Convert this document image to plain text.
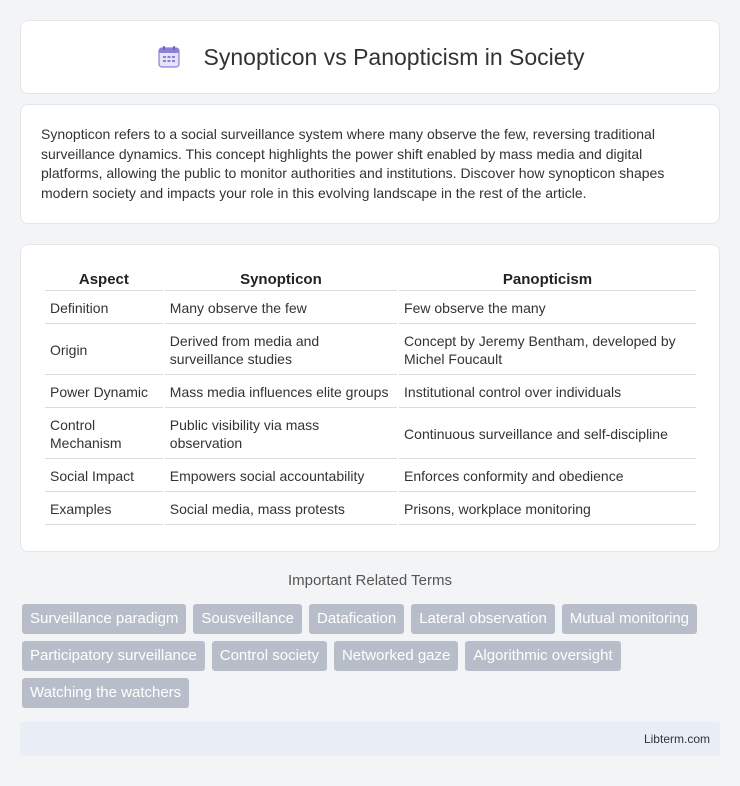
Synopticon vs Panopticism in Society

Synopticon refers to a social surveillance system where many observe the few, reversing traditional surveillance dynamics. This concept highlights the power shift enabled by mass media and digital platforms, allowing the public to monitor authorities and institutions. Discover how synopticon shapes modern society and impacts your role in this evolving landscape in the rest of the article.

Aspect	Synopticon	Panopticism
Definition	Many observe the few	Few observe the many
Origin	Derived from media and surveillance studies	Concept by Jeremy Bentham, developed by Michel Foucault
Power Dynamic	Mass media influences elite groups	Institutional control over individuals
Control Mechanism	Public visibility via mass observation	Continuous surveillance and self-discipline
Social Impact	Empowers social accountability	Enforces conformity and obedience
Examples	Social media, mass protests	Prisons, workplace monitoring
Important Related Terms
Surveillance paradigm	Sousveillance	Datafication	Lateral observation	Mutual monitoring
Participatory surveillance	Control society	Networked gaze	Algorithmic oversight
Watching the watchers
Libterm.com
